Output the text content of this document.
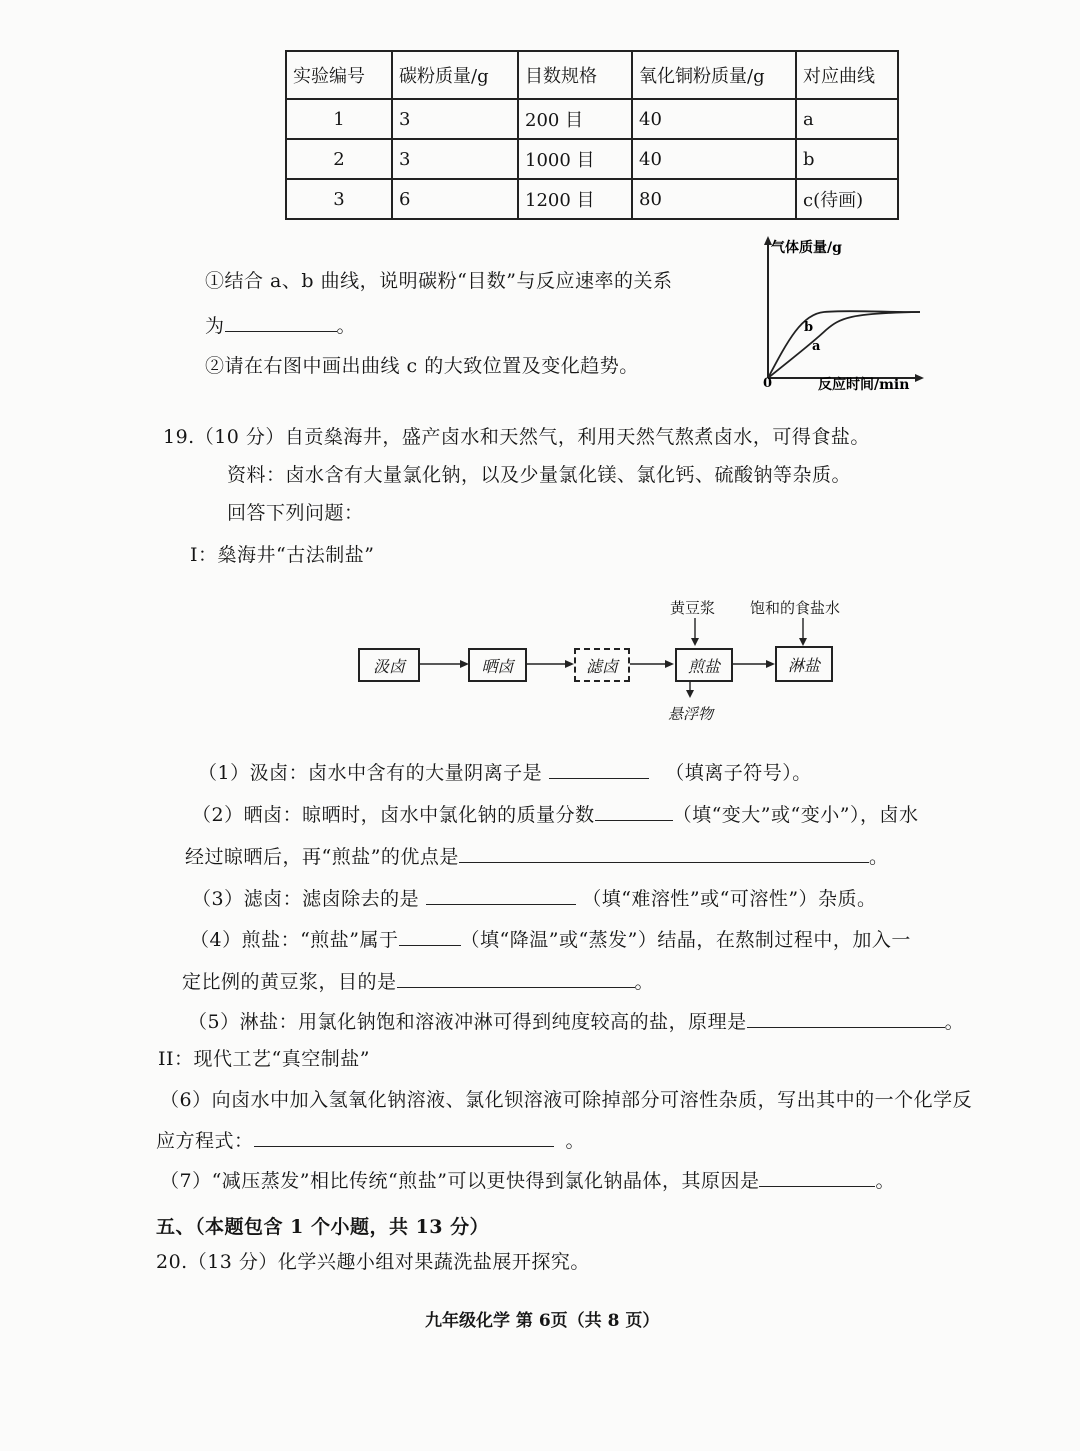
实验编号	碳粉质量/g	目数规格	氧化铜粉质量/g	对应曲线
1	3	200 目	40	a
2	3	1000 目	40	b
3	6	1200 目	80	c(待画)
①结合 a、b 曲线，说明碳粉“目数”与反应速率的关系
为	。
②请在右图中画出曲线 c 的大致位置及变化趋势。
气体质量/g
反应时间/min
0
b
a
19.（10 分）自贡燊海井，盛产卤水和天然气，利用天然气熬煮卤水，可得食盐。
资料：卤水含有大量氯化钠，以及少量氯化镁、氯化钙、硫酸钠等杂质。
回答下列问题：
I：燊海井“古法制盐”
汲卤	晒卤	滤卤	煎盐	淋盐
黄豆浆 饱和的食盐水
悬浮物
（1）汲卤：卤水中含有的大量阴离子是	（填离子符号）。
（2）晒卤：晾晒时，卤水中氯化钠的质量分数	（填“变大”或“变小”），卤水
经过晾晒后，再“煎盐”的优点是	。
（3）滤卤：滤卤除去的是	（填“难溶性”或“可溶性”）杂质。
（4）煎盐：“煎盐”属于	（填“降温”或“蒸发”）结晶，在熬制过程中，加入一
定比例的黄豆浆，目的是	。
（5）淋盐：用氯化钠饱和溶液冲淋可得到纯度较高的盐，原理是	。
II：现代工艺“真空制盐”
（6）向卤水中加入氢氧化钠溶液、氯化钡溶液可除掉部分可溶性杂质，写出其中的一个化学反
应方程式：	。
（7）“减压蒸发”相比传统“煎盐”可以更快得到氯化钠晶体，其原因是	。
五、（本题包含 1 个小题，共 13 分）
20.（13 分）化学兴趣小组对果蔬洗盐展开探究。
九年级化学 第 6页（共 8 页）
